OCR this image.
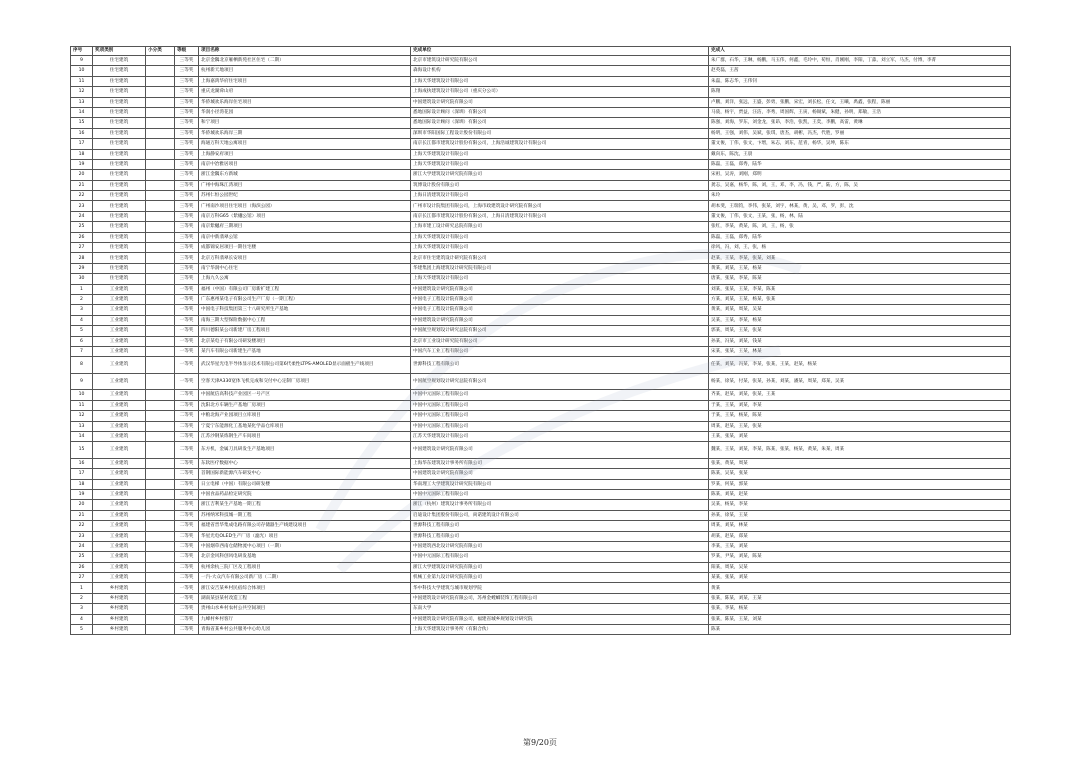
序号	奖项类别	小分类	等级	项目名称	完成单位	完成人
9	住宅建筑		三等奖	北京金隅北京雁栖新苑社区住宅（二期）	北京市建筑设计研究院有限公司	朱广群，石华，王琳，杨鹏，马玉伟，何鑫，毛玲中，荀恒，肖刚刚，李阳，丁淼，刘立军，马杰，付博，李菁
10	住宅建筑		三等奖	杭州新天地项目	森海设计机构	赵英磊，王茜
11	住宅建筑		三等奖	上海嘉鸿华府住宅项目	上海天华建筑设计有限公司	朱磊，陈志华，王伟钊
12	住宅建筑		三等奖	重庆龙湖舜山府	上海成执建筑设计有限公司（重庆分公司）	陈翔
13	住宅建筑		三等奖	华侨城欢乐海岸住宅项目	中国建筑设计研究院有限公司	卢鹏，刘洋，张远，王盛，彭勇，张鹏，宋宏，刘长松，任文，王曦，禹鑫，张程，陈丽
14	住宅建筑		三等奖	华润小径湾花园	悉地国际设计顾问（深圳）有限公司	马骁，杨宇，贾益，汪洁，李秀，周国辉，王寅，杨锡斌，朱健，孙明，郑敏，王浩
15	住宅建筑		三等奖	和宁项目	悉地国际设计顾问（深圳）有限公司	陈强，刘海，罗东，刘金龙，张昂，李浩，张凯，王奕，李鹏，高雷，黄琳
16	住宅建筑		三等奖	华侨城欢乐海岸三期	深圳市华阳国际工程设计股份有限公司	杨明，王强，刘伟，吴斌，张琪，唐杰，胡彬，冯杰，代胜，罗丽
17	住宅建筑		三等奖	海通万科天地公寓项目	南京长江都市建筑设计股份有限公司，上海浩诚建筑设计有限公司	董文俊，丁伟，张文，卞增，朱志，刘东，范青，杨华，吴坤，陈东
18	住宅建筑		三等奖	上海静安府项目	上海天华建筑设计有限公司	戴向东，陈沈，王晨
19	住宅建筑		三等奖	南京中冶雅居项目	上海天华建筑设计有限公司	陈磊，王磊，郑秀，陆华
20	住宅建筑		三等奖	浙江金隅东方新城	浙江大学建筑设计研究院有限公司	宋祖，吴涛，刘刚，郑明
21	住宅建筑		三等奖	广州中海珠江湾项目	筑博设计股份有限公司	龚志，吴嘉，杨华，陈，刘，王，邓，李，冯，钱，严，陆，方，陈，吴
22	住宅建筑		三等奖	苏州仁恒公园世纪	上海日清建筑设计有限公司	朱玲
23	住宅建筑		三等奖	广州南沙项目住宅项目（海滨公园）	广州市设计院集团有限公司，上海市政建筑设计研究院有限公司	胡本斐，王瑞钧，李伟，张某，刘宇，林某，黄，吴，邓，罗，彭，沈
24	住宅建筑		三等奖	南京万科G65（紫樾公馆）项目	南京长江都市建筑设计股份有限公司，上海日清建筑设计有限公司	董文俊，丁伟，张文，王某，张，杨，林，陆
25	住宅建筑		三等奖	南京紫樾府三期项目	上海市建工设计研究总院有限公司	张红，李某，黄某，陈，刘，王，杨，张
26	住宅建筑		三等奖	南京中新翡翠公馆	上海天华建筑设计有限公司	陈磊，王磊，郑秀，陆华
27	住宅建筑		三等奖	成都锦安居项目一期住宅楼	上海天华建筑设计有限公司	徐风，冯，刘，王，张，杨
28	住宅建筑		三等奖	北京万科翡翠长安项目	北京市住宅建筑设计研究院有限公司	赵某，王某，李某，张某，刘某
29	住宅建筑		三等奖	南宁华润中心住宅	华建集团上海建筑设计研究院有限公司	黄某，刘某，王某，杨某
30	住宅建筑		三等奖	上海九久公寓	上海天华建筑设计有限公司	唐某，张某，李某，陈某
1	工业建筑		一等奖	福州（中国）有限公司厂房新扩建工程	中国建筑设计研究院有限公司	刘某，张某，王某，李某，陈某
2	工业建筑		一等奖	广东惠州某电子有限公司生产厂房（一期工程）	中国电子工程设计院有限公司	方某，刘某，王某，杨某，张某
3	工业建筑		一等奖	中国电子科技集团第三十八研究所生产基地	中国电子工程设计院有限公司	黄某，刘某，周某，吴某
4	工业建筑		一等奖	南海三期大型保险数据中心工程	中国建筑设计研究院有限公司	吴某，王某，李某，杨某
5	工业建筑		一等奖	四川德阳某公司新建厂房工程项目	中国航空规划设计研究总院有限公司	郭某，周某，王某，张某
6	工业建筑		一等奖	北京某电子有限公司研发楼项目	北京市工业设计研究院有限公司	孙某，冯某，刘某，钱某
7	工业建筑		一等奖	某汽车有限公司新建生产基地	中国汽车工业工程有限公司	宋某，张某，王某，林某
8	工业建筑		一等奖	武汉华星光电半导体显示技术有限公司第6代柔性LTPS-AMOLED显示面板生产线项目	世源科技工程有限公司	任某，刘某，冯某，李某，张某，王某，赵某，杨某
9	工业建筑		一等奖	空客天津A330宽体飞机完成和交付中心定制厂房项目	中国航空规划设计研究总院有限公司	杨某，徐某，付某，张某，孙某，刘某，潘某，周某，郑某，吴某
10	工业建筑		二等奖	中国航信高科技产业园区一号产区	中国中元国际工程有限公司	齐某，赵某，刘某，张某，王某
11	工业建筑		二等奖	沈阳北方车辆生产基地厂房项目	中国中元国际工程有限公司	于某，王某，刘某，李某
12	工业建筑		二等奖	中粮北海产业园项目立库项目	中国中元国际工程有限公司	于某，王某，杨某，陈某
13	工业建筑		二等奖	宁夏宁东能源化工基地某化学品仓库项目	中国中元国际工程有限公司	周某，赵某，王某，张某
14	工业建筑		二等奖	江苏沙钢某炼钢生产车间项目	江苏天华建筑设计有限公司	王某，张某，刘某
15	工业建筑		二等奖	东方机，金属刀具研发生产基地项目	中国建筑设计研究院有限公司	魏某，王某，刘某，李某，陈某，张某，杨某，黄某，朱某，周某
16	工业建筑		二等奖	东软医疗数据中心	上海华东建筑设计事务所有限公司	张某，黄某，周某
17	工业建筑		二等奖	首钢国际新能源汽车研发中心	中国建筑设计研究院有限公司	陈某，吴某，张某
18	工业建筑		二等奖	日立电梯（中国）有限公司研发楼	华南理工大学建筑设计研究院有限公司	罗某，何某，郭某
19	工业建筑		二等奖	中国食品药品检定研究院	中国中元国际工程有限公司	陈某，刘某，赵某
20	工业建筑		二等奖	浙江吉利某生产基地一期工程	浙江（杭州）建筑设计事务所有限公司	吴某，杨某，李某
21	工业建筑		二等奖	苏州纳米科技城一期工程	启迪设计集团股份有限公司，尚诺建筑设计有限公司	孙某，徐某，王某
22	工业建筑		二等奖	福建省晋华集成电路有限公司存储器生产线建设项目	世源科技工程有限公司	周某，刘某，林某
23	工业建筑		二等奖	华星光电OLED生产厂房（滤光）项目	世源科技工程有限公司	胡某，赵某，郑某
24	工业建筑		二等奖	中国烟草西南仓储物流中心项目（一期）	中国建筑西北设计研究院有限公司	李某，王某，刘某
25	工业建筑		二等奖	北京金风科创风电研发基地	中国中元国际工程有限公司	罗某，尹某，刘某，陈某
26	工业建筑		二等奖	杭州余杭三院厂区及工程项目	浙江大学建筑设计研究院有限公司	阳某，周某，吴某
27	工业建筑		二等奖	一汽-大众汽车有限公司新厂房（二期）	机械工业第九设计研究院有限公司	某某，张某，刘某
1	乡村建筑		一等奖	浙江安吉某乡村民宿综合体项目	华中科技大学建筑与城市规划学院	黄某
2	乡村建筑		一等奖	湖南某县某村改造工程	中国建筑设计研究院有限公司，苏州金螳螂装饰工程有限公司	张某，陈某，刘某，王某
3	乡村建筑		二等奖	贵州山水乡村农村公共空间项目	东南大学	张某，李某，杨某
4	乡村建筑		二等奖	九峰村乡村客厅	中国建筑设计研究院有限公司，福建省城乡规划设计研究院	张某，陈某，王某，刘某
5	乡村建筑		二等奖	青海省某乡村公共服务中心幼儿园	上海天华建筑设计事务所（有限合伙）	陈某
第9/20页
